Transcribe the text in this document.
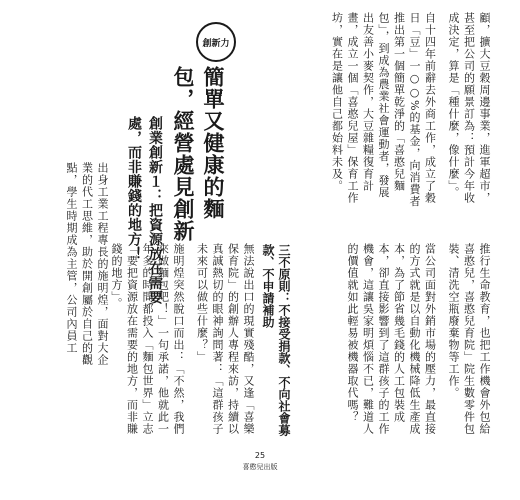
顧，擴大豆穀周邊事業，進軍超市，甚至把公司的願景訂為：預計今年收成決定，算是「種什麼，像什麼」。

自十四年前辭去外商工作，成立了穀日「豆」一○○%的基金，向消費者推出第一個簡單乾淨的「喜憨兒麵包」，到成為農業社會運動者，發展出友善小麥契作，大豆雜糧復育計畫，成立一個「喜憨兒屋」保育工作坊，實在是讓他自己都始料未及。

推行生命教育，也把工作機會外包給喜憨兒，喜憨兒育院」院生數零件包裝、清洗空瓶廢棄物等工作。

當公司面對外銷市場的壓力，最直接的方式就是以自動化機械降低生產成本，為了節省幾毛錢的人工包裝成本，卻直接影響到了這群孩子的工作機會，這讓吳家明煩惱不已，難道人的價值就如此輕易被機器取代嗎？

三不原則：不接受捐款、不向社會募款、不申請補助

無法說出口的現實殘酷，又逢「喜樂保育院」的創辦人專程來訪，持續以真誠熱切的眼神詢問著：「這群孩子未來可以做些什麼？」

施明煌突然脫口而出：「不然，我們來做麵包吧！」一句承諾，他就此一年多的時間都投入「麵包世界」立志「要把資源放在需要的地方，而非賺錢的地方」。

創新力
簡單又健康的麵包，經營處見創新
創業創新１：把資源放在需要處，而非賺錢的地方！

出身工業工程專長的施明煌，面對大企業的代工思維，助於開創屬於自己的觀點，學生時期成為主管，公司內員工

25
喜憨兒出版
